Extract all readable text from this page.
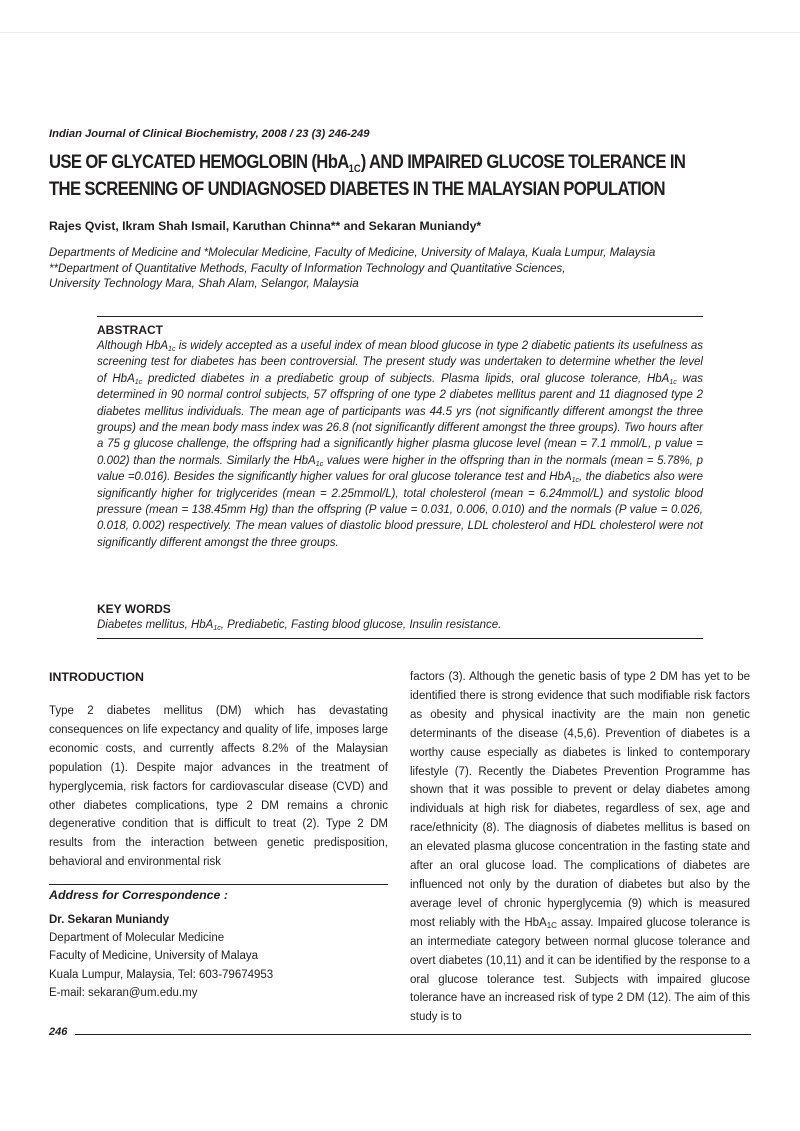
Indian Journal of Clinical Biochemistry, 2008 / 23 (3) 246-249
USE OF GLYCATED HEMOGLOBIN (HbA$_{1C}$) AND IMPAIRED GLUCOSE TOLERANCE IN
THE SCREENING OF UNDIAGNOSED DIABETES IN THE MALAYSIAN POPULATION
Rajes Qvist, Ikram Shah Ismail, Karuthan Chinna** and Sekaran Muniandy*
Departments of Medicine and *Molecular Medicine, Faculty of Medicine, University of Malaya, Kuala Lumpur, Malaysia
**Department of Quantitative Methods, Faculty of Information Technology and Quantitative Sciences,
University Technology Mara, Shah Alam, Selangor, Malaysia
ABSTRACT
Although HbA$_{1c}$ is widely accepted as a useful index of mean blood glucose in type 2 diabetic patients its usefulness as screening test for diabetes has been controversial. The present study was undertaken to determine whether the level of HbA$_{1c}$ predicted diabetes in a prediabetic group of subjects. Plasma lipids, oral glucose tolerance, HbA$_{1c}$ was determined in 90 normal control subjects, 57 offspring of one type 2 diabetes mellitus parent and 11 diagnosed type 2 diabetes mellitus individuals. The mean age of participants was 44.5 yrs (not significantly different amongst the three groups) and the mean body mass index was 26.8 (not significantly different amongst the three groups). Two hours after a 75 g glucose challenge, the offspring had a significantly higher plasma glucose level (mean = 7.1 mmol/L, p value = 0.002) than the normals. Similarly the HbA$_{1c}$ values were higher in the offspring than in the normals (mean = 5.78%, p value =0.016). Besides the significantly higher values for oral glucose tolerance test and HbA$_{1c}$, the diabetics also were significantly higher for triglycerides (mean = 2.25mmol/L), total cholesterol (mean = 6.24mmol/L) and systolic blood pressure (mean = 138.45mm Hg) than the offspring (P value = 0.031, 0.006, 0.010) and the normals (P value = 0.026, 0.018, 0.002) respectively. The mean values of diastolic blood pressure, LDL cholesterol and HDL cholesterol were not significantly different amongst the three groups.
KEY WORDS
Diabetes mellitus, HbA$_{1c}$, Prediabetic, Fasting blood glucose, Insulin resistance.
INTRODUCTION
Type 2 diabetes mellitus (DM) which has devastating consequences on life expectancy and quality of life, imposes large economic costs, and currently affects 8.2% of the Malaysian population (1). Despite major advances in the treatment of hyperglycemia, risk factors for cardiovascular disease (CVD) and other diabetes complications, type 2 DM remains a chronic degenerative condition that is difficult to treat (2). Type 2 DM results from the interaction between genetic predisposition, behavioral and environmental risk
Address for Correspondence :
Dr. Sekaran Muniandy
Department of Molecular Medicine
Faculty of Medicine, University of Malaya
Kuala Lumpur, Malaysia, Tel: 603-79674953
E-mail: sekaran@um.edu.my
factors (3). Although the genetic basis of type 2 DM has yet to be identified there is strong evidence that such modifiable risk factors as obesity and physical inactivity are the main non genetic determinants of the disease (4,5,6). Prevention of diabetes is a worthy cause especially as diabetes is linked to contemporary lifestyle (7). Recently the Diabetes Prevention Programme has shown that it was possible to prevent or delay diabetes among individuals at high risk for diabetes, regardless of sex, age and race/ethnicity (8). The diagnosis of diabetes mellitus is based on an elevated plasma glucose concentration in the fasting state and after an oral glucose load. The complications of diabetes are influenced not only by the duration of diabetes but also by the average level of chronic hyperglycemia (9) which is measured most reliably with the HbA$_{1C}$ assay. Impaired glucose tolerance is an intermediate category between normal glucose tolerance and overt diabetes (10,11) and it can be identified by the response to a oral glucose tolerance test. Subjects with impaired glucose tolerance have an increased risk of type 2 DM (12). The aim of this study is to
246
